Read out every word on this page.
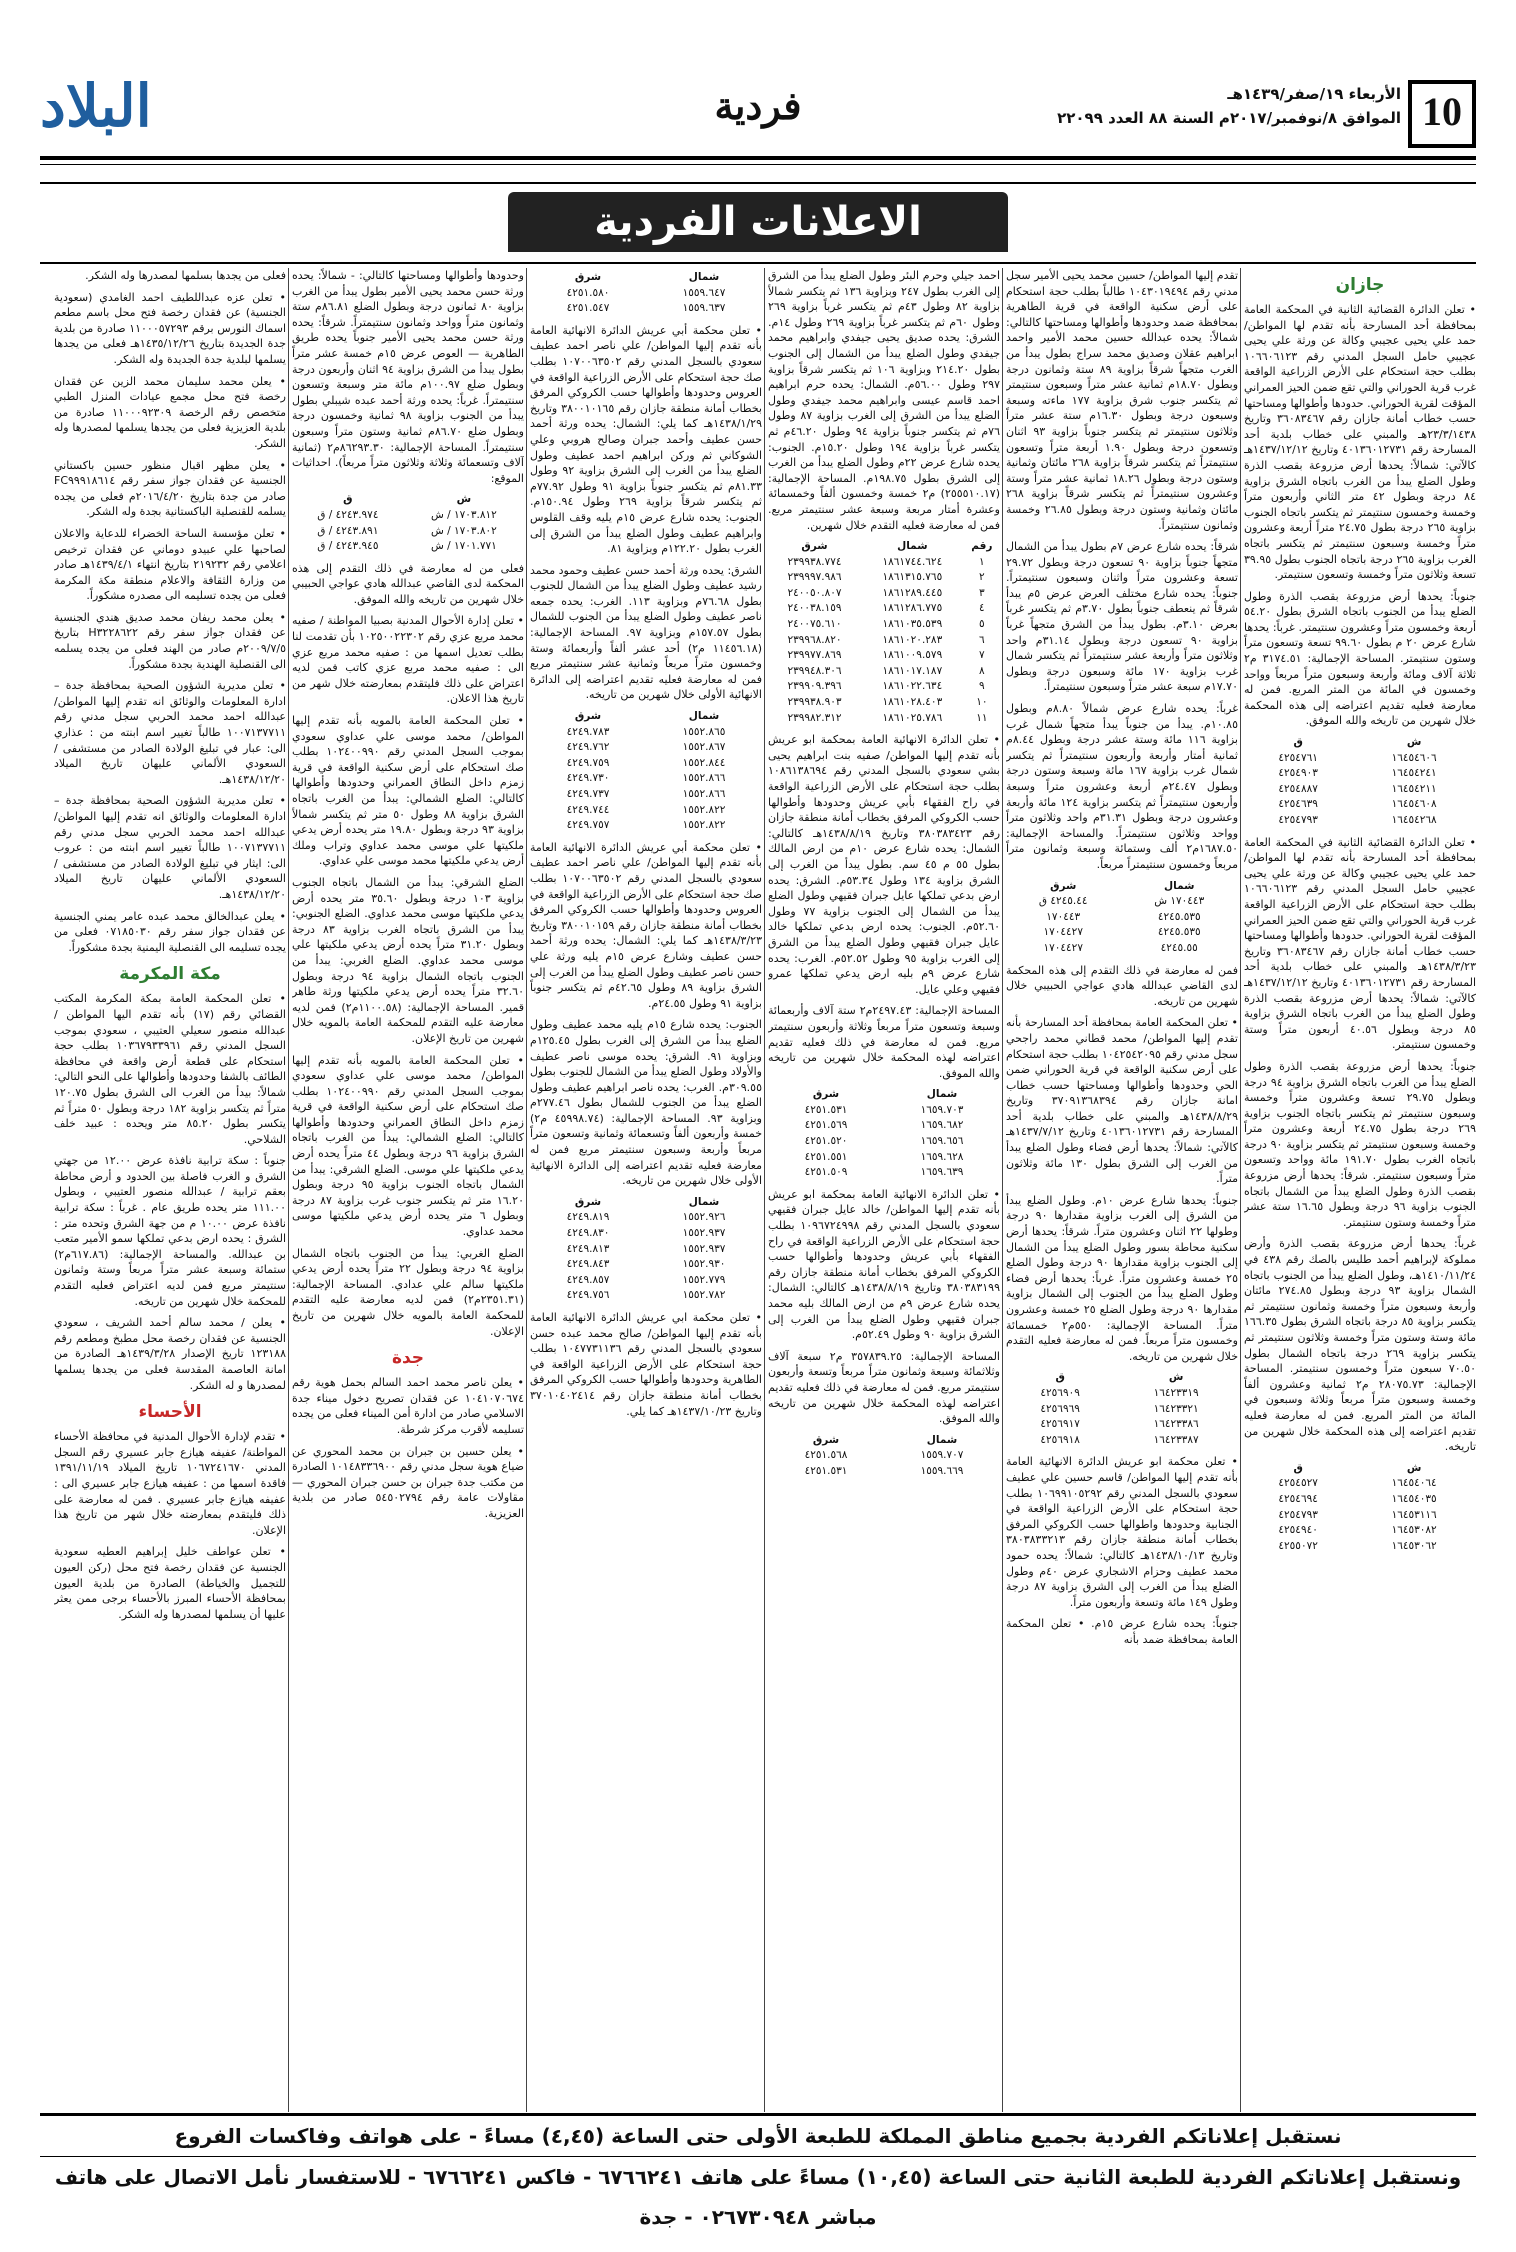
10
الأربعاء ١٩/صفر/١٤٣٩هـ
الموافق ٨/نوفمبر/٢٠١٧م السنة ٨٨ العدد ٢٢٠٩٩
فردية
البلاد
الاعلانات الفردية
جازان
• تعلن الدائرة القضائية الثانية في المحكمة العامة بمحافظة أحد المسارحة بأنه تقدم لها المواطن/ حمد علي يحيى عجيبي وكالة عن ورثة علي يحيى عجيبي حامل السجل المدني رقم ١٠٦٦٠٦١٢٣ بطلب حجة استحكام على الأرض الزراعية الواقعة غرب قرية الحوراني والتي تقع ضمن الحيز العمراني المؤقت لقرية الحوراني. حدودها وأطوالها ومساحتها حسب خطاب أمانة جازان رقم ٣٦٠٨٣٤٦٧ وتاريخ ٢٣/٣/١٤٣٨هـ والمبني على خطاب بلدية أحد المسارحة رقم ٤٠١٣٦٠١٢٧٣١ وتاريخ ١٤٣٧/١٢/١٢هـ كالآتي: شمالاً: يحدها أرض مزروعة بقصب الذرة وطول الضلع يبدأ من الغرب باتجاه الشرق بزاوية ٨٤ درجة وبطول ٤٢ متر الثاني وأربعون متراً وخمسة وخمسون سنتيمتر ثم يتكسر باتجاه الجنوب بزاوية ٢٦٥ درجة بطول ٢٤.٧٥ متراً أربعة وعشرون متراً وخمسة وسبعون سنتيمتر ثم يتكسر باتجاه الغرب بزاوية ٢٦٥ درجة باتجاه الجنوب بطول ٣٩.٩٥ تسعة وثلاثون متراً وخمسة وتسعون سنتيمتر.
جنوباً: يحدها أرض مزروعة بقصب الذرة وطول الضلع يبدأ من الجنوب باتجاه الشرق بطول ٥٤.٢٠ أربعة وخمسون متراً وعشرون سنتيمتر. غرباً: يحدها شارع عرض ٢٠ م بطول ٩٩.٦٠ تسعة وتسعون متراً وستون سنتيمتر. المساحة الإجمالية: ٣١٧٤.٥١ م٢ ثلاثة آلاف ومائة وأربعة وسبعون متراً مربعاً وواحد وخمسون في المائة من المتر المربع. فمن له معارضة فعليه تقديم اعتراضه إلى هذه المحكمة خلال شهرين من تاريخه والله الموفق.
ش	ق
١٦٤٥٤٦٠٦	٤٢٥٤٧٦١
١٦٤٥٤٢٤١	٤٢٥٤٩٠٣
١٦٤٥٤٢١١	٤٢٥٤٨٨٧
١٦٤٥٤٦٠٨	٤٢٥٤٦٣٩
١٦٤٥٤٢٦٨	٤٢٥٤٧٩٣
• تعلن الدائرة القضائية الثانية في المحكمة العامة بمحافظة أحد المسارحة بأنه تقدم لها المواطن/ حمد علي يحيى عجيبي وكالة عن ورثة علي يحيى عجيبي حامل السجل المدني رقم ١٠٦٦٠٦١٢٣ بطلب حجة استحكام على الأرض الزراعية الواقعة غرب قرية الحوراني والتي تقع ضمن الحيز العمراني المؤقت لقرية الحوراني. حدودها وأطوالها ومساحتها حسب خطاب أمانة جازان رقم ٣٦٠٨٣٤٦٧ وتاريخ ١٤٣٨/٣/٢٣هـ والمبني على خطاب بلدية أحد المسارحة رقم ٤٠١٣٦٠١٢٧٣١ وتاريخ ١٤٣٧/١٢/١٢هـ كالآتي: شمالاً: يحدها أرض مزروعة بقصب الذرة وطول الضلع يبدأ من الغرب باتجاه الشرق بزاوية ٨٥ درجة وبطول ٤٠.٥٦ أربعون متراً وستة وخمسون سنتيمتر.
جنوباً: يحدها أرض مزروعة بقصب الذرة وطول الضلع يبدأ من الغرب باتجاه الشرق بزاوية ٩٤ درجة وبطول ٢٩.٧٥ تسعة وعشرون متراً وخمسة وسبعون سنتيمتر ثم يتكسر باتجاه الجنوب بزاوية ٢٦٩ درجة بطول ٢٤.٧٥ أربعة وعشرون متراً وخمسة وسبعون سنتيمتر ثم يتكسر بزاوية ٩٠ درجة باتجاه الغرب بطول ١٩١.٧٠ مائة وواحد وتسعون متراً وسبعون سنتيمتر. شرقاً: يحدها أرض مزروعة بقصب الذرة وطول الضلع يبدأ من الشمال باتجاه الجنوب بزاوية ٩٦ درجة وبطول ١٦.٦٥ ستة عشر متراً وخمسة وستون سنتيمتر.
غرباً: يحدها أرض مزروعة بقصب الذرة وأرض مملوكة لإبراهيم أحمد طليس بالصك رقم ٤٣٨ في ١٤١٠/١١/٢٤هـ، وطول الضلع يبدأ من الجنوب باتجاه الشمال بزاوية ٩٣ درجة وبطول ٢٧٤.٨٥ مائتان وأربعة وسبعون متراً وخمسة وثمانون سنتيمتر ثم يتكسر بزاوية ٨٥ درجة باتجاه الشرق بطول ١٦٦.٣٥ مائة وستة وستون متراً وخمسة وثلاثون سنتيمتر ثم يتكسر بزاوية ٢٦٩ درجة باتجاه الشمال بطول ٧٠.٥٠ سبعون متراً وخمسون سنتيمتر. المساحة الإجمالية: ٢٨٠٧٥.٧٣ م٢ ثمانية وعشرون ألفاً وخمسة وسبعون متراً مربعاً وثلاثة وسبعون في المائة من المتر المربع. فمن له معارضة فعليه تقديم اعتراضه إلى هذه المحكمة خلال شهرين من تاريخه.
ش	ق
١٦٤٥٤٠٦٤	٤٢٥٤٥٢٧
١٦٤٥٤٠٣٥	٤٢٥٤٦٩٤
١٦٤٥٣١١٦	٤٢٥٤٧٩٣
١٦٤٥٣٠٨٢	٤٢٥٤٩٤٠
١٦٤٥٣٠٦٢	٤٢٥٥٠٧٢
تقدم إليها المواطن/ حسين محمد يحيى الأمير سجل مدني رقم ١٠٤٣٠١٩٤٩٤ طالباً بطلب حجة استحكام على أرض سكنية الواقعة في قرية الطاهرية بمحافظة ضمد وحدودها وأطوالها ومساحتها كالتالي: شمالاً: يحده عبدالله حسين محمد الأمير واحمد ابراهيم عقلان وصديق محمد سراج بطول يبدأ من الغرب متجهاً شرقاً بزاوية ٨٩ ستة وثمانون درجة وبطول ١٨.٧٠م ثمانية عشر متراً وسبعون سنتيمتر ثم يتكسر جنوب شرق بزاوية ١٧٧ ماءته وسبعة وسبعون درجة وبطول ١٦.٣٠م ستة عشر متراً وثلاثون سنتيمتر ثم يتكسر جنوباً بزاوية ٩٣ اثنان وتسعون درجة وبطول ١.٩٠ أربعة متراً وتسعون سنتيمتراً ثم يتكسر شرقاً بزاوية ٢٦٨ مائتان وثمانية وستون درجة وبطول ١٨.٢٦ ثمانية عشر متراً وستة وعشرون سنتيمتراً ثم يتكسر شرقاً بزاوية ٢٦٨ مائتان وثمانية وستون درجة وبطول ٢٦.٨٥ وخمسة وثمانون سنتيمتراً.
شرقاً: يحده شارع عرض ٧م بطول يبدأ من الشمال متجهاً جنوباً بزاوية ٩٠ تسعون درجة وبطول ٢٩.٧٢ تسعة وعشرون متراً واثنان وسبعون سنتيمتراً. جنوباً: يحده شارع مختلف العرض عرض ٥م يبدأ شرقاً ثم ينعطف جنوباً بطول ٣.٧٠م ثم يتكسر غرباً بعرض ٣.١٠م. بطول يبدأ من الشرق متجهاً غرباً بزاوية ٩٠ تسعون درجة وبطول ٣١.١٤م واحد وثلاثون متراً وأربعة عشر سنتيمتراً ثم يتكسر شمال غرب بزاوية ١٧٠ مائة وسبعون درجة وبطول ١٧.٧٠م سبعة عشر متراً وسبعون سنتيمتراً.
غرباً: يحده شارع عرض شمالاً ٨.٨٠م وبطول ١٠.٨٥م. يبدأ من جنوباً يبدأ متجهاً شمال غرب بزاوية ١١٦ مائة وستة عشر درجة وبطول ٨.٤٤م ثمانية أمتار وأربعة وأربعون سنتيمتراً ثم يتكسر شمال غرب بزاوية ١٦٧ مائة وسبعة وستون درجة وبطول ٢٤.٤٧م أربعة وعشرون متراً وسبعة وأربعون سنتيمتراً ثم يتكسر بزاوية ١٢٤ مائة وأربعة وعشرون درجة وبطول ٣١.٣١م واحد وثلاثون متراً وواحد وثلاثون سنتيمتراً. والمساحة الإجمالية: ١٦٨٧.٥٠م٢ ألف وستمائة وسبعة وثمانون متراً مربعاً وخمسون سنتيمتراً مربعاً.
شمال	شرق
١٧٠٤٤٣ ش	٤٢٤٥.٤٤ ق
٤٢٤٥.٥٣٥	١٧٠٤٤٣
٤٢٤٥.٥٣٥	١٧٠٤٤٢٧
٤٢٤٥.٥٥	١٧٠٤٤٢٧
فمن له معارضة في ذلك التقدم إلى هذه المحكمة لدى القاضي عبدالله هادي عواجي الحبيبي خلال شهرين من تاريخه.
• تعلن المحكمة العامة بمحافظة أحد المسارحة بأنه تقدم إليها المواطن/ محمد قطاني محمد راجحي سجل مدني رقم ١٠٤٢٥٤٢٠٩٥ بطلب حجة استحكام على أرض سكنية الواقعة في قرية الحوراني ضمن الحي وحدودها وأطوالها ومساحتها حسب خطاب امانة جازان رقم ٣٧٠٩١٣٦٨٣٩٤ وتاريخ ١٤٣٨/٨/٢٩هـ والمبني على خطاب بلدية أحد المسارحة رقم ٤٠١٣٦٠١٢٧٣١ وتاريخ ١٤٣٧/٧/١٢هـ كالآتي: شمالاً: يحدها أرض فضاء وطول الضلع يبدأ من الغرب إلى الشرق بطول ١٣٠ مائة وثلاثون متراً.
جنوباً: يحدها شارع عرض ١٠م. وطول الضلع يبدأ من الشرق إلى الغرب بزاوية مقدارها ٩٠ درجة وطولها ٢٢ اثنان وعشرون متراً. شرقاً: يحدها أرض سكنية محاطة بسور وطول الضلع يبدأ من الشمال إلى الجنوب بزاوية مقدارها ٩٠ درجة وطول الضلع ٢٥ خمسة وعشرون متراً. غرباً: يحدها أرض فضاء وطول الضلع يبدأ من الجنوب إلى الشمال بزاوية مقدارها ٩٠ درجة وطول الضلع ٢٥ خمسة وعشرون متراً. المساحة الإجمالية: ٥٥٠م٢ خمسمائة وخمسون متراً مربعاً. فمن له معارضة فعليه التقدم خلال شهرين من تاريخه.
ش	ق
١٦٤٢٣٣١٩	٤٢٥٦٩٠٩
١٦٤٢٣٣٢١	٤٢٥٦٩٦٩
١٦٤٢٣٣٨٦	٤٢٥٦٩١٧
١٦٤٢٣٣٨٧	٤٢٥٦٩١٨
• تعلن محكمة ابو عريش الدائرة الانهائية العامة بأنه تقدم إليها المواطن/ قاسم حسين علي عطيف سعودي بالسجل المدني رقم ١٠٦٩٩١٠٥٢٩٢ بطلب حجة استحكام على الأرض الزراعية الواقعة في الجنابية وحدودها واطوالها حسب الكروكي المرفق بخطاب أمانة منطقة جازان رقم ٣٨٠٣٨٣٣٢١٣ وتاريخ ١٤٣٨/١٠/١٣هـ كالتالي: شمالاً: يحده حمود محمد عطيف وحزام الاشجاري عرض ٤٠م وطول الضلع يبدأ من الغرب إلى الشرق بزاوية ٨٧ درجة وطول ١٤٩ مائة وتسعة وأربعون متراً.
جنوباً: يحده شارع عرض ١٥م. • تعلن المحكمة العامة بمحافظة ضمد بأنه
احمد جيلي وحرم البئر وطول الضلع يبدأ من الشرق إلى الغرب بطول ٢٤٧ وبزاوية ١٣٦ ثم يتكسر شمالاً بزاوية ٨٢ وطول ٤٣م ثم يتكسر غرباً بزاوية ٢٦٩ وطول ٦٠م ثم يتكسر غرباً بزاوية ٢٦٩ وطول ١٤م. الشرق: يحده صديق يحيى جيفدي وابراهيم محمد جيفدي وطول الضلع يبدأ من الشمال إلى الجنوب بطول ٢١٤.٢٠ وبزاوية ١٠٦ ثم يتكسر شرقاً بزاوية ٢٩٧ وطول ٥٦.٠٠م. الشمال: يحده حرم ابراهيم احمد قاسم عيسى وابراهيم محمد جيفدي وطول الضلع يبدأ من الشرق إلى الغرب بزاوية ٨٧ وطول ٧٦م ثم يتكسر جنوباً بزاوية ٩٤ وطول ٤٦.٢٠م ثم يتكسر غرباً بزاوية ١٩٤ وطول ١٥.٢٠م. الجنوب: يحده شارع عرض ٢٢م وطول الضلع يبدأ من الغرب إلى الشرق بطول ١٩٨.٧٥م. المساحة الإجمالية: (٢٥٥٥١٠.١٧) م٢ خمسة وخمسون ألفاً وخمسمائة وعشرة أمتار مربعة وسبعة عشر سنتيمتر مربع. فمن له معارضة فعليه التقدم خلال شهرين.
رقم	شمال	شرق
١	١٨٦١٧٤٤.٦٢٤	٢٣٩٩٣٨.٧٧٤
٢	١٨٦١٣١٥.٧٦٥	٢٣٩٩٩٧.٩٨٦
٣	١٨٦١٢٨٩.٤٤٥	٢٤٠٠٥٠.٨٠٧
٤	١٨٦١٢٨٦.٧٧٥	٢٤٠٠٣٨.١٥٩
٥	١٨٦١٠٣٥.٥٣٩	٢٤٠٠٧٥.٦١٠
٦	١٨٦١٠٢٠.٢٨٣	٢٣٩٩٦٨.٨٢٠
٧	١٨٦١٠٠٩.٥٧٩	٢٣٩٩٧٧.٨٦٩
٨	١٨٦١٠١٧.١٨٧	٢٣٩٩٤٨.٣٠٦
٩	١٨٦١٠٢٢.٦٣٤	٢٣٩٩٠٩.٣٩٦
١٠	١٨٦١٠٢٨.٤٠٣	٢٣٩٩٣٨.٩٠٣
١١	١٨٦١٠٢٥.٧٨٦	٢٣٩٩٨٢.٣١٢
• تعلن الدائرة الانهائية العامة بمحكمة ابو عريش بأنه تقدم إليها المواطن/ صفيه بنت ابراهيم يحيى بشي سعودي بالسجل المدني رقم ١٠٨٦١٣٨٦٩٤ بطلب حجة استحكام على الأرض الزراعية الواقعة في راح الفقهاء بأبي عريش وحدودها وأطوالها حسب الكروكي المرفق بخطاب أمانة منطقة جازان رقم ٣٨٠٣٨٣٤٢٣ وتاريخ ١٤٣٨/٨/١٩هـ كالتالي: الشمال: يحده شارع عرض ١٠م من ارض المالك بطول ٥٥ م ٤٥ سم. بطول يبدأ من الغرب إلى الشرق بزاوية ١٣٤ وطول ٥٣.٣٤م. الشرق: يحده ارض بدعي تملكها عايل جبران فقيهي وطول الضلع يبدأ من الشمال إلى الجنوب بزاوية ٧٧ وطول ٥٢.٦٠م. الجنوب: يحده ارض بدعي تملكها خالد عايل جبران فقيهي وطول الضلع يبدأ من الشرق إلى الغرب بزاوية ٩٥ وطول ٥٢.٥٢م. الغرب: يحده شارع عرض ٩م بليه ارض يدعي تملكها عمرو فقيهي وعلي عايل.
المساحة الإجمالية: ٢٤٩٧.٤٣م٢ ستة آلاف وأربعمائة وسبعة وتسعون متراً مربعاً وثلاثة وأربعون سنتيمتر مربع. فمن له معارضة في ذلك فعليه تقديم اعتراضه لهذه المحكمة خلال شهرين من تاريخه والله الموفق.
شمال	شرق
١٦٥٩.٧٠٣	٤٢٥١.٥٣١
١٦٥٩.٦٨٢	٤٢٥١.٥٦٩
١٦٥٩.٦٥٦	٤٢٥١.٥٢٠
١٦٥٩.٦٢٨	٤٢٥١.٥٥١
١٦٥٩.٦٣٩	٤٢٥١.٥٠٩
• تعلن الدائرة الانهائية العامة بمحكمة ابو عريش بأنه تقدم إليها المواطن/ خالد عايل جبران فقيهي سعودي بالسجل المدني رقم ١٠٩٦٧٢٤٩٩٨ بطلب حجة استحكام على الأرض الزراعية الواقعة في راح الفقهاء بأبي عريش وحدودها وأطوالها حسب الكروكي المرفق بخطاب أمانة منطقة جازان رقم ٣٨٠٣٨٣١٩٩ وتاريخ ١٤٣٨/٨/١٩هـ كالتالي: الشمال: يحده شارع عرض ٩م من ارض المالك بليه محمد جبران فقيهي وطول الضلع يبدأ من الغرب إلى الشرق بزاوية ٩٠ وطول ٥٢.٤٩م.
المساحة الإجمالية: ٣٥٧٨٣٩.٢٥ م٢ سبعة آلاف وثلاثمائة وسبعة وثمانون متراً مربعاً وتسعة وأربعون سنتيمتر مربع. فمن له معارضة في ذلك فعليه تقديم اعتراضه لهذه المحكمة خلال شهرين من تاريخه والله الموفق.
شمال	شرق
١٥٥٩.٧٠٧	٤٢٥١.٥٦٨
١٥٥٩.٦٦٩	٤٢٥١.٥٣١
شمال	شرق
١٥٥٩.٦٤٧	٤٢٥١.٥٨٠
١٥٥٩.٦٣٧	٤٢٥١.٥٤٧
• تعلن محكمة أبي عريش الدائرة الانهائية العامة بأنه تقدم إليها المواطن/ علي ناصر احمد عطيف سعودي بالسجل المدني رقم ١٠٧٠٠٦٣٥٠٢ بطلب صك حجة استحكام على الأرض الزراعية الواقعة في العروس وحدودها وأطوالها حسب الكروكي المرفق بخطاب أمانة منطقة جازان رقم ٣٨٠٠١٠١٦٥ وتاريخ ١٤٣٨/١/٢٩هـ كما يلي: الشمال: يحده ورثة أحمد حسن عطيف وأحمد جبران وصالح هروبي وعلي الشوكاني ثم وركن ابراهيم احمد عطيف وطول الضلع يبدأ من الغرب إلى الشرق بزاوية ٩٢ وطول ٨١.٣٣م ثم يتكسر جنوباً بزاوية ٩١ وطول ٧٧.٩٢م ثم يتكسر شرقاً بزاوية ٢٦٩ وطول ١٥٠.٩٤م. الجنوب: يحده شارع عرض ١٥م يليه وقف القلوس وابراهيم عطيف وطول الضلع يبدأ من الشرق إلى الغرب بطول ١٢٢.٢٠م وبزاوية ٨١.
الشرق: يحده ورثة أحمد حسن عطيف وحمود محمد رشيد عطيف وطول الضلع يبدأ من الشمال للجنوب بطول ٧٦.٦٨م وبزاوية ١١٣. الغرب: يحده جمعه ناصر عطيف وطول الضلع يبدأ من الجنوب للشمال بطول ١٥٧.٥٧م وبزاوية ٩٧. المساحة الإجمالية: (١١٤٥٦.١٨ م٢) أحد عشر ألفاً وأربعمائة وستة وخمسون متراً مربعاً وثمانية عشر سنتيمتر مربع فمن له معارضة فعليه تقديم اعتراضه إلى الدائرة الانهائية الأولى خلال شهرين من تاريخه.
شمال	شرق
١٥٥٢.٨٦٥	٤٢٤٩.٧٨٣
١٥٥٢.٨٦٧	٤٢٤٩.٧٦٢
١٥٥٢.٨٤٤	٤٢٤٩.٧٥٩
١٥٥٢.٨٦٦	٤٢٤٩.٧٣٠
١٥٥٢.٨٦٦	٤٢٤٩.٧٣٧
١٥٥٢.٨٢٢	٤٢٤٩.٧٤٤
١٥٥٢.٨٢٢	٤٢٤٩.٧٥٧
• تعلن محكمة أبي عريش الدائرة الانهائية العامة بأنه تقدم إليها المواطن/ علي ناصر احمد عطيف سعودي بالسجل المدني رقم ١٠٧٠٠٦٣٥٠٢ بطلب صك حجة استحكام على الأرض الزراعية الواقعة في العروس وحدودها وأطوالها حسب الكروكي المرفق بخطاب أمانة منطقة جازان رقم ٣٨٠٠١٠١٥٩ وتاريخ ١٤٣٨/٣/٢٣هـ كما يلي: الشمال: يحده ورثة أحمد حسن عطيف وشارع عرض ١٥م يليه ورثة علي حسن ناصر عطيف وطول الضلع يبدأ من الغرب إلى الشرق بزاوية ٨٩ وطول ٤٢.٦٥م ثم يتكسر جنوباً بزاوية ٩١ وطول ٢٤.٥٥م.
الجنوب: يحده شارع ١٥م يليه محمد عطيف وطول الضلع يبدأ من الشرق إلى الغرب بطول ١٢٥.٤٥م وبزاوية ٩١. الشرق: يحده موسى ناصر عطيف والأولاد وطول الضلع يبدأ من الشمال للجنوب بطول ٣٠٩.٥٥م. الغرب: يحده ناصر ابراهيم عطيف وطول الضلع يبدأ من الجنوب للشمال بطول ٢٧٧.٤٦م وبزاوية ٩٣. المساحة الإجمالية: (٤٥٩٩٨.٧٤ م٢) خمسة وأربعون ألفاً وتسعمائة وثمانية وتسعون متراً مربعاً وأربعة وسبعون سنتيمتر مربع فمن له معارضة فعليه تقديم اعتراضه إلى الدائرة الانهائية الأولى خلال شهرين من تاريخه.
شمال	شرق
١٥٥٢.٩٢٦	٤٢٤٩.٨١٩
١٥٥٢.٩٣٧	٤٢٤٩.٨٣٠
١٥٥٢.٩٣٧	٤٢٤٩.٨١٣
١٥٥٢.٩٣٠	٤٢٤٩.٨٤٣
١٥٥٢.٧٧٩	٤٢٤٩.٨٥٧
١٥٥٢.٧٨٢	٤٢٤٩.٧٥٦
• تعلن محكمة ابي عريش الدائرة الانهائية العامة بأنه تقدم إليها المواطن/ صالح محمد عبده حسن سعودي بالسجل المدني رقم ١٠٤٧٧٣١١٣٦ بطلب حجة استحكام على الأرض الزراعية الواقعة في الطاهرية وحدودها وأطوالها حسب الكروكي المرفق بخطاب أمانة منطقة جازان رقم ٣٧٠١٠٤٠٢٤١٤ وتاريخ ١٤٣٧/١٠/٢٣هـ كما يلي.
وحدودها وأطوالها ومساحتها كالتالي: - شمالاً: يحده ورثة حسن محمد يحيى الأمير بطول يبدأ من الغرب بزاوية ٨٠ ثمانون درجة وبطول الضلع ٨٦.٨١م ستة وثمانون متراً وواحد وثمانون سنتيمتراً. شرقاً: يحده ورثة حسن محمد يحيى الأمير جنوباً يحده طريق الطاهرية — العوص عرض ١٥م خمسة عشر متراً بطول يبدأ من الشرق بزاوية ٩٤ اثنان وأربعون درجة وبطول ضلع ١٠٠.٩٧م مائة متر وسبعة وتسعون سنتيمتراً. غرباً: يحده ورثة أحمد عبده شيبلي بطول يبدأ من الجنوب بزاوية ٩٨ ثمانية وخمسون درجة وبطول ضلع ٨٦.٧٠م ثمانية وستون متراً وسبعون سنتيمتراً. المساحة الإجمالية: ٨٦٢٩٣.٣٠م٢ (ثمانية آلاف وتسعمائة وثلاثة وثلاثون متراً مربعاً). احداثيات الموقع:
ش	ق
١٧٠٣.٨١٢ / ش	٤٢٤٣.٩٧٤ / ق
١٧٠٣.٨٠٢ / ش	٤٢٤٣.٨٩١ / ق
١٧٠١.٧٧١ / ش	٤٢٤٣.٩٤٥ / ق
فعلى من له معارضة في ذلك التقدم إلى هذه المحكمة لدى القاضي عبدالله هادي عواجي الحبيبي خلال شهرين من تاريخه والله الموفق.
• تعلن إدارة الأحوال المدنية بصبيا المواطنة / صفيه محمد مربع عزي رقم ١٠٢٥٠٠٢٢٣٠٢ بأن تقدمت لنا بطلب تعديل اسمها من : صفيه محمد مربع عزي الى : صفيه محمد مربع عزي كاتب فمن لديه اعتراض على ذلك فليتقدم بمعارضته خلال شهر من تاريخ هذا الاعلان.
• تعلن المحكمة العامة بالمويه بأنه تقدم إليها المواطن/ محمد موسى علي عداوي سعودي بموجب السجل المدني رقم ١٠٢٤٠٠٩٩٠ بطلب صك استحكام على أرض سكنية الواقعة في قرية زمزم داخل النطاق العمراني وحدودها وأطوالها كالتالي: الضلع الشمالي: يبدأ من الغرب باتجاه الشرق بزاوية ٨٨ وطول ٥٠ متر ثم يتكسر شمالاً بزاوية ٩٣ درجة وبطول ١٩.٨٠ متر يحده أرض يدعي ملكيتها علي موسى محمد عداوي وتراب وملك أرض يدعي ملكيتها محمد موسى علي عداوي.
الضلع الشرقي: يبدأ من الشمال باتجاه الجنوب بزاوية ١٠٣ درجة وبطول ٣٥.٦٠ متر يحده أرض يدعي ملكيتها موسى محمد عداوي. الضلع الجنوبي: يبدأ من الشرق باتجاه الغرب بزاوية ٨٣ درجة وبطول ٣١.٢٠ متراً يحده أرض يدعي ملكيتها علي موسى محمد عداوي. الضلع الغربي: يبدأ من الجنوب باتجاه الشمال بزاوية ٩٤ درجة وبطول ٣٢.٦٠ متراً يحده أرض يدعي ملكيتها ورثة طاهر قمير. المساحة الإجمالية: (١١٠٠.٥٨م٢) فمن لديه معارضة عليه التقدم للمحكمة العامة بالمويه خلال شهرين من تاريخ الإعلان.
• تعلن المحكمة العامة بالمويه بأنه تقدم إليها المواطن/ محمد موسى علي عداوي سعودي بموجب السجل المدني رقم ١٠٢٤٠٠٩٩٠ بطلب صك استحكام على أرض سكنية الواقعة في قرية زمزم داخل النطاق العمراني وحدودها وأطوالها كالتالي: الضلع الشمالي: يبدأ من الغرب باتجاه الشرق بزاوية ٩٦ درجة وبطول ٤٤ متراً يحده أرض يدعي ملكيتها علي موسى. الضلع الشرقي: يبدأ من الشمال باتجاه الجنوب بزاوية ٩٥ درجة وبطول ١٦.٢٠ متر ثم يتكسر جنوب غرب بزاوية ٨٧ درجة وبطول ٦ متر يحده أرض يدعي ملكيتها موسى محمد عداوي.
الضلع الغربي: يبدأ من الجنوب باتجاه الشمال بزاوية ٩٤ درجة وبطول ٢٢ متراً يحده أرض يدعي ملكيتها سالم علي عدادي. المساحة الإجمالية: (٢٣٥١.٣١م٢) فمن لديه معارضة عليه التقدم للمحكمة العامة بالمويه خلال شهرين من تاريخ الإعلان.
جدة
• يعلن ناصر محمد احمد السالم بحمل هوية رقم ١٠٤١٠٧٠٦٧٤ عن فقدان تصريح دخول ميناء جدة الاسلامي صادر من ادارة أمن الميناء فعلى من يجده تسليمه لأقرب مركز شرطة.
• يعلن حسين بن جبران بن محمد المحوري عن ضياع هوية سجل مدني رقم ١٠١٤٨٣٣٦٩٠٠ الصادرة من مكتب جدة جبران بن حسن جبران المحوري — مقاولات عامة رقم ٥٤٥٠٢٧٩٤ صادر من بلدية العزيزية.
فعلى من يجدها بسلمها لمصدرها وله الشكر.
• تعلن عزه عبداللطيف احمد الغامدي (سعودية الجنسية) عن فقدان رخصة فتح محل باسم مطعم اسماك النورس برقم ١١٠٠٠٥٧٢٩٣ صادرة من بلدية جدة الجديدة بتاريخ ١٤٣٥/١٢/٢٦هـ فعلى من يجدها يسلمها لبلدية جدة الجديدة وله الشكر.
• يعلن محمد سليمان محمد الزين عن فقدان رخصة فتح محل مجمع عيادات المنزل الطبي متخصص رقم الرخصة ١١٠٠٠٩٢٣٠٩ صادرة من بلدية العزيزية فعلى من يجدها يسلمها لمصدرها وله الشكر.
• يعلن مظهر اقبال منظور حسين باكستاني الجنسية عن فقدان جواز سفر رقم FC٩٩٩١٨٦١٤ صادر من جدة بتاريخ ٢٠١٦/٤/٢٠م فعلى من يجده يسلمه للقنصلية الباكستانية بجدة وله الشكر.
• تعلن مؤسسة الساحة الخضراء للدعاية والاعلان لصاحبها علي عبيدو دوماني عن فقدان ترخيص اعلامي رقم ٢١٩٢٣٢ بتاريخ انتهاء ١٤٣٩/٤/١هـ صادر من وزارة الثقافة والاعلام منطقة مكة المكرمة فعلى من يجده تسليمه الى مصدره مشكوراً.
• يعلن محمد ريفان محمد صديق هندي الجنسية عن فقدان جواز سفر رقم H٣٢٢٨٦٢٢ بتاريخ ٢٠٠٩/٧/٥م صادر من الهند فعلى من يجده يسلمه الى القنصلية الهندية بجدة مشكوراً.
• تعلن مديرية الشؤون الصحية بمحافظة جدة –ادارة المعلومات والوثائق انه تقدم إليها المواطن/عبدالله احمد محمد الحربي سجل مدني رقم ١٠٠٧١٣٧٧١١ طالباً تغيير اسم ابنته من : عذاري الى: عبار في تبليغ الولادة الصادر من مستشفى / السعودي الألماني عليهان تاريخ الميلاد ١٤٣٨/١٢/٢٠هـ.
• تعلن مديرية الشؤون الصحية بمحافظة جدة –ادارة المعلومات والوثائق انه تقدم إليها المواطن/عبدالله احمد محمد الحربي سجل مدني رقم ١٠٠٧١٣٧٧١١ طالباً تغيير اسم ابنته من : عروب الى: ايثار في تبليغ الولادة الصادر من مستشفى / السعودي الألماني عليهان تاريخ الميلاد ١٤٣٨/١٢/٢٠هـ.
• يعلن عبدالخالق محمد عبده عامر يمني الجنسية عن فقدان جواز سفر رقم ٠٧١٨٥٠٣٠ فعلى من يجده تسليمه الى القنصلية اليمنية بجدة مشكوراً.
مكة المكرمة
• تعلن المحكمة العامة بمكة المكرمة المكتب القضائي رقم (١٧) بأنه تقدم اليها المواطن / عبدالله منصور سعيلي العتيبي ، سعودي بموجب السجل المدني رقم ١٠٣٦٧٩٣٣٩٦١ بطلب حجة استحكام على قطعة أرض واقعة في محافظة الطائف بالشفا وحدودها وأطوالها على النحو التالي: شمالاً: بيدأ من الغرب الى الشرق بطول ١٢٠.٧٥ متراً ثم يتكسر بزاوية ١٨٢ درجة وبطول ٥٠ متراً ثم يتكسر بطول ٨٥.٢٠ متر ويحده : عبيد خلف الشلاحي.
جنوباً : سكة ترابية نافذة عرض ١٢.٠٠ من جهتي الشرق و الغرب فاصلة بين الحدود و أرض محاطة بعقم ترابية / عبدالله منصور العتيبي ، وبطول ١١١.٠٠ متر يحده طريق عام . غرباً : سكة ترابية نافذة عرض ١٠.٠٠ م من جهة الشرق وتحده متر : الشرق : يحده ارض بدعي تملكها سمو الأمير متعب بن عبدالله. والمساحة الإجمالية: (٦١٧.٨٦م٢) ستمائة وسبعة عشر متراً مربعاً وستة وثمانون سنتيمتر مربع فمن لديه اعتراض فعليه التقدم للمحكمة خلال شهرين من تاريخه.
• يعلن / محمد سالم أحمد الشريف ، سعودي الجنسية عن فقدان رخصة محل مطبخ ومطعم رقم ١٢٣١٨٨ تاريخ الإصدار ١٤٣٩/٣/٢٨هـ الصادرة من امانة العاصمة المقدسة فعلى من يجدها يسلمها لمصدرها و له الشكر.
الأحساء
• تقدم لإدارة الأحوال المدنية في محافظة الأحساء المواطنة/ عفيفه هيازع جابر عسيري رقم السجل المدني ١٠٦٧٢٤١٦٧٠ تاريخ الميلاد ١٣٩١/١١/١٩ فاقدة اسمها من : عفيفه هيازع جابر عسيري الى : عفيفه هيازع جابر عسيري . فمن له معارضة على ذلك فليتقدم بمعارضته خلال شهر من تاريخ هذا الإعلان.
• تعلن عواطف خليل إبراهيم العطيه سعودية الجنسية عن فقدان رخصة فتح محل (ركن العيون للتجميل والخياطة) الصادرة من بلدية العيون بمحافظة الأحساء المبرز بالأحساء برجى ممن يعثر عليها أن يسلمها لمصدرها وله الشكر.
نستقبل إعلاناتكم الفردية بجميع مناطق المملكة للطبعة الأولى حتى الساعة (٤,٤٥) مساءً - على هواتف وفاكسات الفروع
ونستقبل إعلاناتكم الفردية للطبعة الثانية حتى الساعة (١٠,٤٥) مساءً على هاتف ٦٧٦٦٢٤١ - فاكس ٦٧٦٦٢٤١ - للاستفسار نأمل الاتصال على هاتف مباشر ٠٢٦٧٣٠٩٤٨ - جدة
